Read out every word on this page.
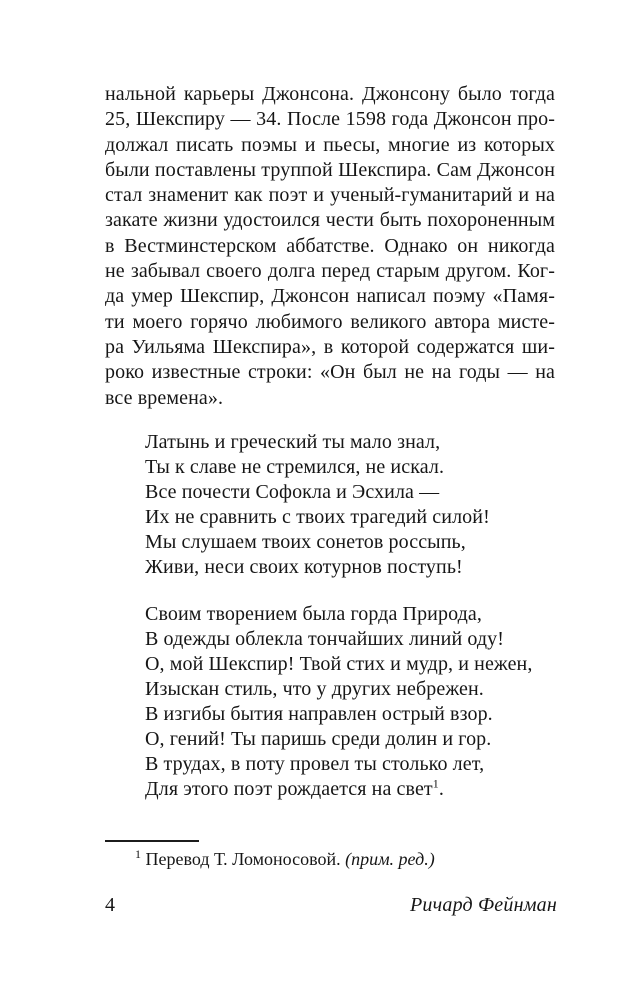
нальной карьеры Джонсона. Джонсону было тогда
25, Шекспиру — 34. После 1598 года Джонсон про-
должал писать поэмы и пьесы, многие из которых
были поставлены труппой Шекспира. Сам Джонсон
стал знаменит как поэт и ученый-гуманитарий и на
закате жизни удостоился чести быть похороненным
в Вестминстерском аббатстве. Однако он никогда
не забывал своего долга перед старым другом. Ког-
да умер Шекспир, Джонсон написал поэму «Памя-
ти моего горячо любимого великого автора мисте-
ра Уильяма Шекспира», в которой содержатся ши-
роко известные строки: «Он был не на годы — на
все времена».
Латынь и греческий ты мало знал,
Ты к славе не стремился, не искал.
Все почести Софокла и Эсхила —
Их не сравнить с твоих трагедий силой!
Мы слушаем твоих сонетов россыпь,
Живи, неси своих котурнов поступь!
Своим творением была горда Природа,
В одежды облекла тончайших линий оду!
О, мой Шекспир! Твой стих и мудр, и нежен,
Изыскан стиль, что у других небрежен.
В изгибы бытия направлен острый взор.
О, гений! Ты паришь среди долин и гор.
В трудах, в поту провел ты столько лет,
Для этого поэт рождается на свет$^1$.
$^1$ Перевод Т. Ломоносовой. (прим. ред.)
4	Ричард Фейнман
